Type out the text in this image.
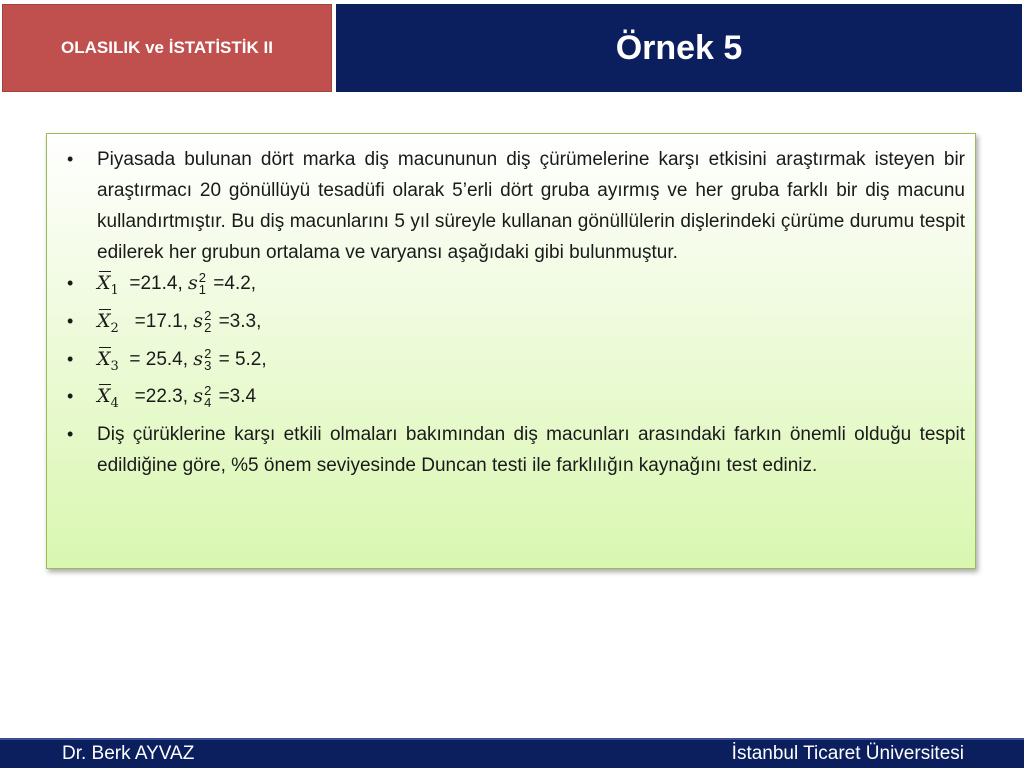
OLASILIK ve İSTATİSTİK II	Örnek 5
• Piyasada bulunan dört marka diş macununun diş çürümelerine karşı etkisini araştırmak isteyen bir araştırmacı 20 gönüllüyü tesadüfi olarak 5’erli dört gruba ayırmış ve her gruba farklı bir diş macunu kullandırtmıştır. Bu diş macunlarını 5 yıl süreyle kullanan gönüllülerin dişlerindeki çürüme durumu tespit edilerek her grubun ortalama ve varyansı aşağıdaki gibi bulunmuştur.
• $X_1 =21.4$, s 2
1 =4.2,
• $X_2 =17.1$, s 2
2 =3.3,
• $X_3 = 25.4$, s 2
3 = 5.2,
• $X_4 =22.3$, s 2
4 =3.4
• Diş çürüklerine karşı etkili olmaları bakımından diş macunları arasındaki farkın önemli olduğu tespit edildiğine göre, %5 önem seviyesinde Duncan testi ile farklılığın kaynağını test ediniz.
Dr. Berk AYVAZ	İstanbul Ticaret Üniversitesi
